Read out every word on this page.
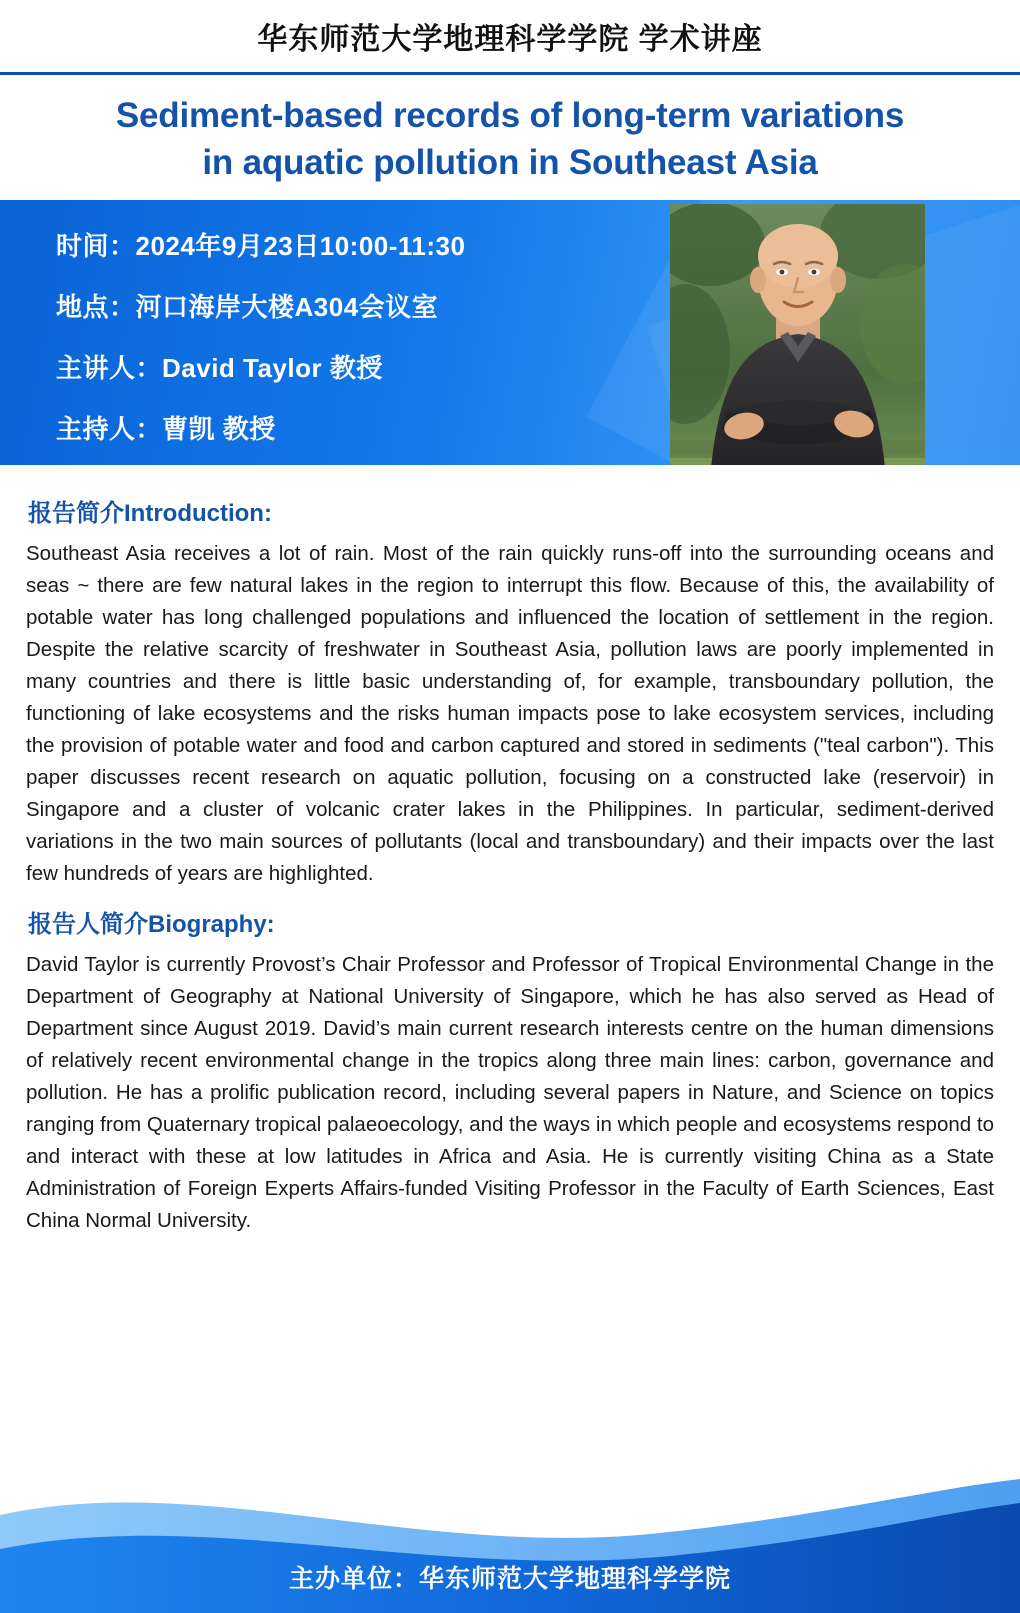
华东师范大学地理科学学院 学术讲座
Sediment-based records of long-term variations
in aquatic pollution in Southeast Asia
时间：2024年9月23日10:00-11:30
地点：河口海岸大楼A304会议室
主讲人：David Taylor 教授
主持人：曹凯 教授
报告简介Introduction:

Southeast Asia receives a lot of rain. Most of the rain quickly runs-off into the surrounding oceans and seas ~ there are few natural lakes in the region to interrupt this flow. Because of this, the availability of potable water has long challenged populations and influenced the location of settlement in the region. Despite the relative scarcity of freshwater in Southeast Asia, pollution laws are poorly implemented in many countries and there is little basic understanding of, for example, transboundary pollution, the functioning of lake ecosystems and the risks human impacts pose to lake ecosystem services, including the provision of potable water and food and carbon captured and stored in sediments ("teal carbon"). This paper discusses recent research on aquatic pollution, focusing on a constructed lake (reservoir) in Singapore and a cluster of volcanic crater lakes in the Philippines. In particular, sediment-derived variations in the two main sources of pollutants (local and transboundary) and their impacts over the last few hundreds of years are highlighted.

报告人简介Biography:

David Taylor is currently Provost’s Chair Professor and Professor of Tropical Environmental Change in the Department of Geography at National University of Singapore, which he has also served as Head of Department since August 2019. David’s main current research interests centre on the human dimensions of relatively recent environmental change in the tropics along three main lines: carbon, governance and pollution. He has a prolific publication record, including several papers in Nature, and Science on topics ranging from Quaternary tropical palaeoecology, and the ways in which people and ecosystems respond to and interact with these at low latitudes in Africa and Asia. He is currently visiting China as a State Administration of Foreign Experts Affairs-funded Visiting Professor in the Faculty of Earth Sciences, East China Normal University.

主办单位：华东师范大学地理科学学院
